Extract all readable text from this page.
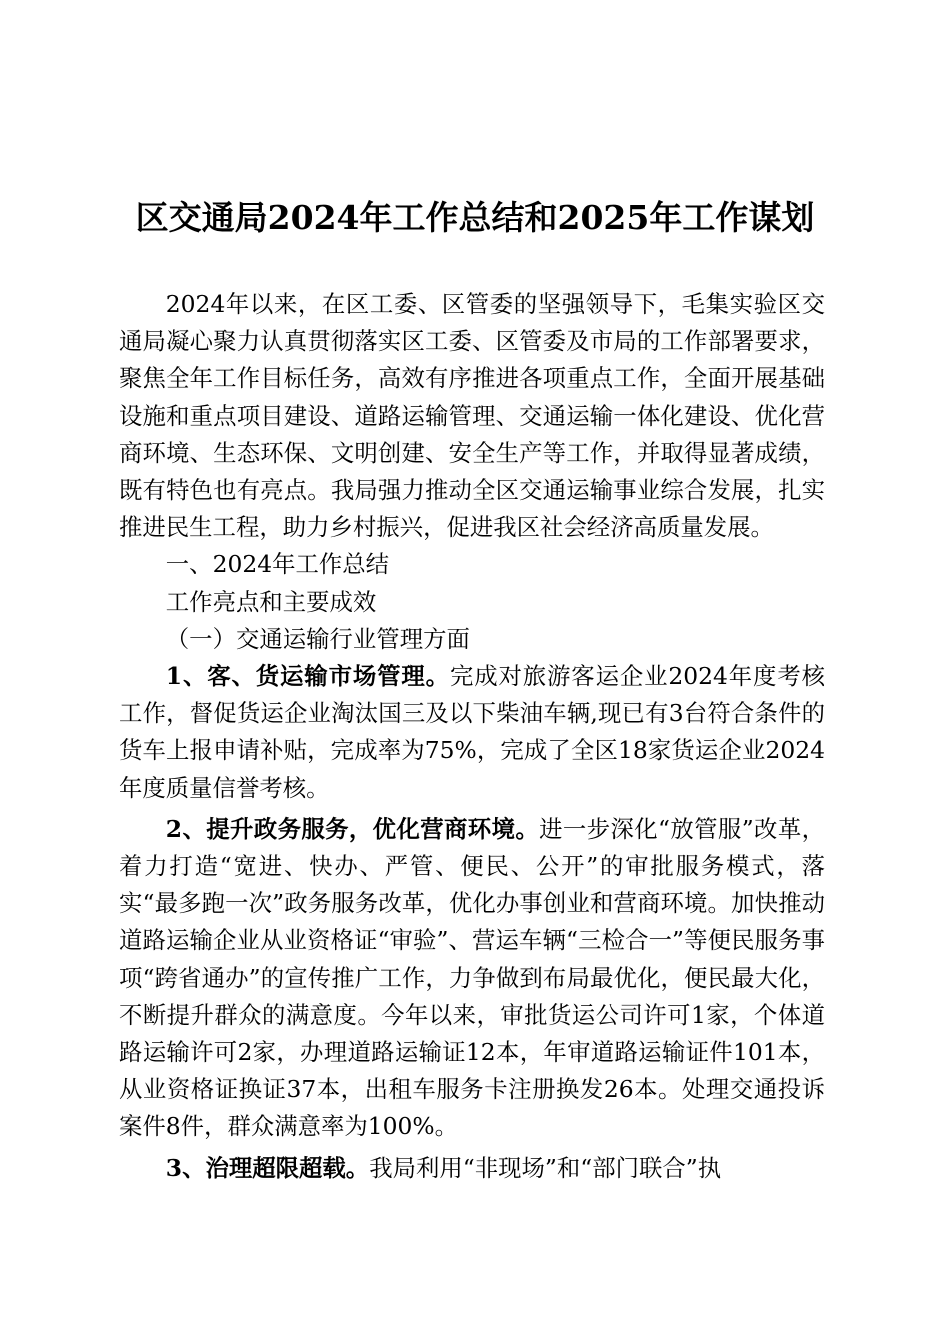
区交通局2024年工作总结和2025年工作谋划

2024年以来，在区工委、区管委的坚强领导下，毛集实验区交通局凝心聚力认真贯彻落实区工委、区管委及市局的工作部署要求，聚焦全年工作目标任务，高效有序推进各项重点工作，全面开展基础设施和重点项目建设、道路运输管理、交通运输一体化建设、优化营商环境、生态环保、文明创建、安全生产等工作，并取得显著成绩，既有特色也有亮点。我局强力推动全区交通运输事业综合发展，扎实推进民生工程，助力乡村振兴，促进我区社会经济高质量发展。

一、2024年工作总结

工作亮点和主要成效

（一）交通运输行业管理方面

1、客、货运输市场管理。完成对旅游客运企业2024年度考核工作，督促货运企业淘汰国三及以下柴油车辆,现已有3台符合条件的货车上报申请补贴，完成率为75%，完成了全区18家货运企业2024年度质量信誉考核。

2、提升政务服务，优化营商环境。进一步深化“放管服”改革，着力打造“宽进、快办、严管、便民、公开”的审批服务模式，落实“最多跑一次”政务服务改革，优化办事创业和营商环境。加快推动道路运输企业从业资格证“审验”、营运车辆“三检合一”等便民服务事项“跨省通办”的宣传推广工作，力争做到布局最优化，便民最大化，不断提升群众的满意度。今年以来，审批货运公司许可1家，个体道路运输许可2家，办理道路运输证12本，年审道路运输证件101本，从业资格证换证37本，出租车服务卡注册换发26本。处理交通投诉案件8件，群众满意率为100%。

3、治理超限超载。我局利用“非现场”和“部门联合”执
